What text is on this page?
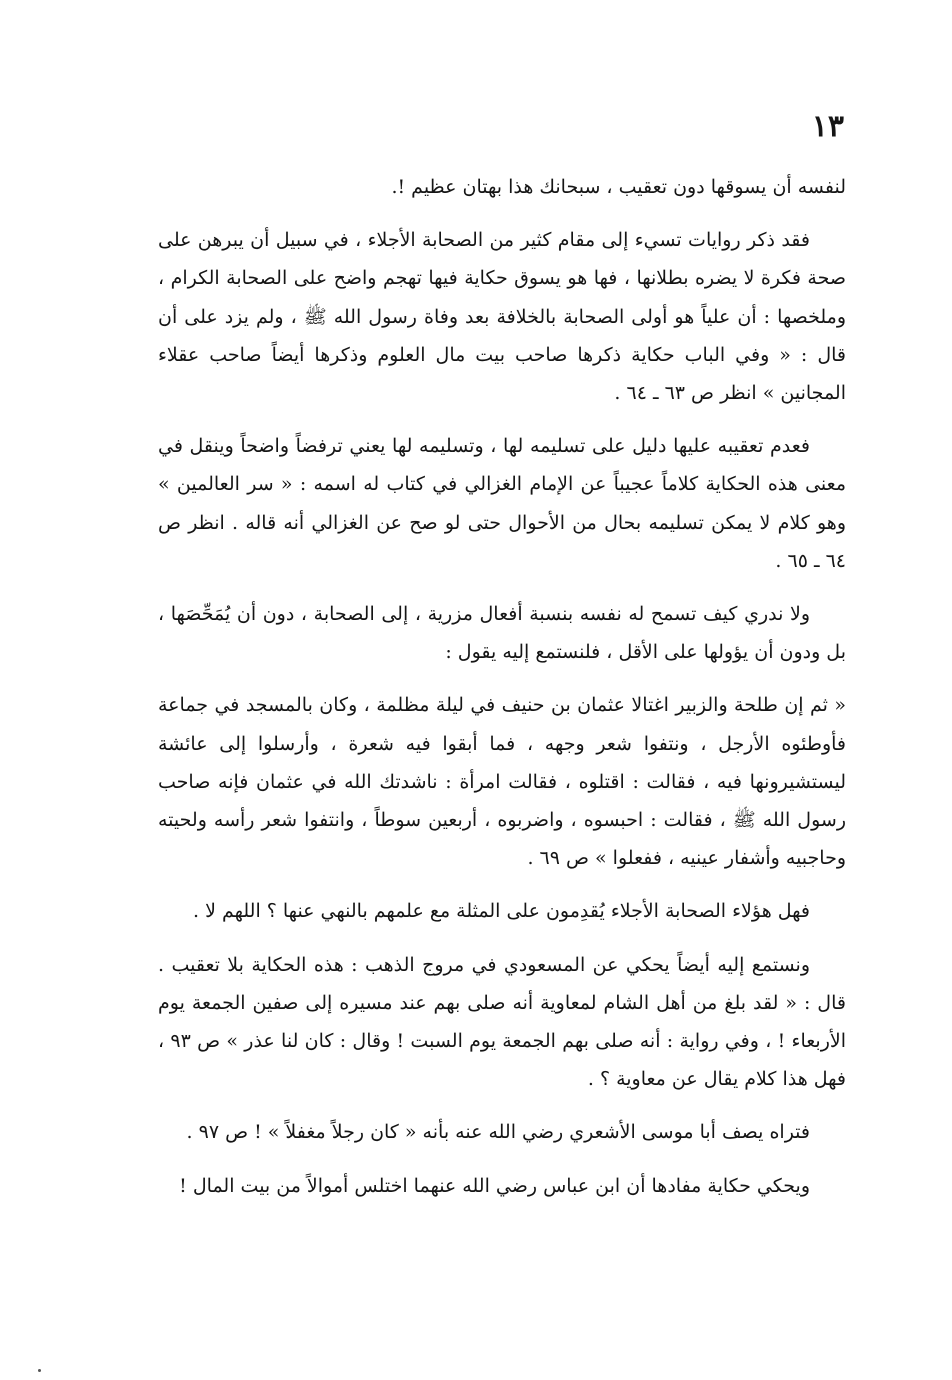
١٣

لنفسه أن يسوقها دون تعقيب ، سبحانك هذا بهتان عظيم !.

فقد ذكر روايات تسيء إلى مقام كثير من الصحابة الأجلاء ، في سبيل أن يبرهن على صحة فكرة لا يضره بطلانها ، فها هو يسوق حكاية فيها تهجم واضح على الصحابة الكرام ، وملخصها : أن علياً هو أولى الصحابة بالخلافة بعد وفاة رسول الله ﷺ ، ولم يزد على أن قال : « وفي الباب حكاية ذكرها صاحب بيت مال العلوم وذكرها أيضاً صاحب عقلاء المجانين » انظر ص ٦٣ ـ ٦٤ .

فعدم تعقيبه عليها دليل على تسليمه لها ، وتسليمه لها يعني ترفضاً واضحاً وينقل في معنى هذه الحكاية كلاماً عجيباً عن الإمام الغزالي في كتاب له اسمه : « سر العالمين » وهو كلام لا يمكن تسليمه بحال من الأحوال حتى لو صح عن الغزالي أنه قاله . انظر ص ٦٤ ـ ٦٥ .

ولا ندري كيف تسمح له نفسه بنسبة أفعال مزرية ، إلى الصحابة ، دون أن يُمَحِّصَها ، بل ودون أن يؤولها على الأقل ، فلنستمع إليه يقول :

« ثم إن طلحة والزبير اغتالا عثمان بن حنيف في ليلة مظلمة ، وكان بالمسجد في جماعة فأوطئوه الأرجل ، ونتفوا شعر وجهه ، فما أبقوا فيه شعرة ، وأرسلوا إلى عائشة ليستشيرونها فيه ، فقالت : اقتلوه ، فقالت امرأة : ناشدتك الله في عثمان فإنه صاحب رسول الله ﷺ ، فقالت : احبسوه ، واضربوه ، أربعين سوطاً ، وانتفوا شعر رأسه ولحيته وحاجبيه وأشفار عينيه ، ففعلوا » ص ٦٩ .

فهل هؤلاء الصحابة الأجلاء يُقدِمون على المثلة مع علمهم بالنهي عنها ؟ اللهم لا .

ونستمع إليه أيضاً يحكي عن المسعودي في مروج الذهب : هذه الحكاية بلا تعقيب . قال : « لقد بلغ من أهل الشام لمعاوية أنه صلى بهم عند مسيره إلى صفين الجمعة يوم الأربعاء ! ، وفي رواية : أنه صلى بهم الجمعة يوم السبت ! وقال : كان لنا عذر » ص ٩٣ ، فهل هذا كلام يقال عن معاوية ؟ .

فتراه يصف أبا موسى الأشعري رضي الله عنه بأنه « كان رجلاً مغفلاً » ! ص ٩٧ .

ويحكي حكاية مفادها أن ابن عباس رضي الله عنهما اختلس أموالاً من بيت المال !
